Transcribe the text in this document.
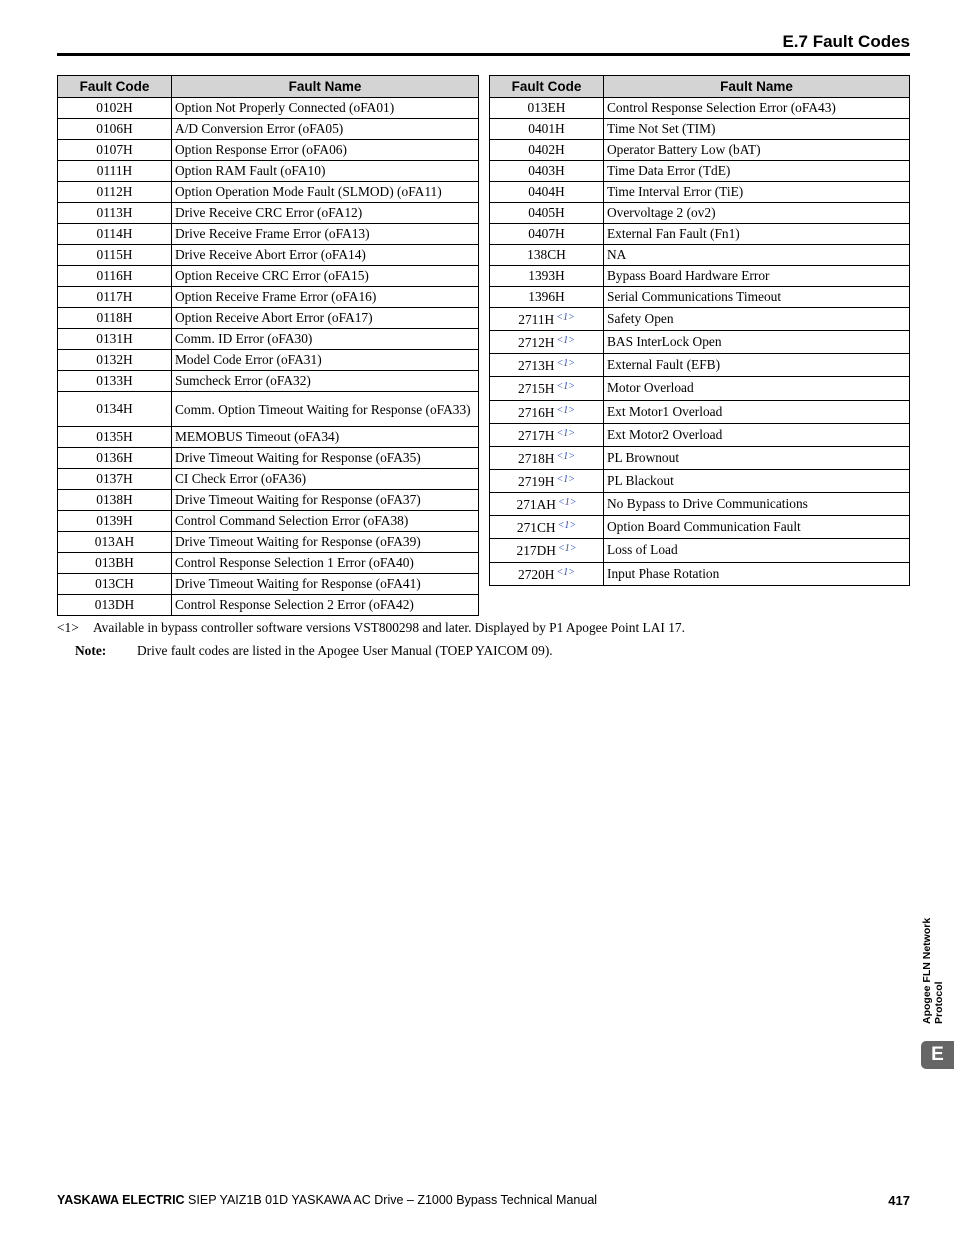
E.7 Fault Codes
Fault Code	Fault Name
0102H	Option Not Properly Connected (oFA01)
0106H	A/D Conversion Error (oFA05)
0107H	Option Response Error (oFA06)
0111H	Option RAM Fault (oFA10)
0112H	Option Operation Mode Fault (SLMOD) (oFA11)
0113H	Drive Receive CRC Error (oFA12)
0114H	Drive Receive Frame Error (oFA13)
0115H	Drive Receive Abort Error (oFA14)
0116H	Option Receive CRC Error (oFA15)
0117H	Option Receive Frame Error (oFA16)
0118H	Option Receive Abort Error (oFA17)
0131H	Comm. ID Error (oFA30)
0132H	Model Code Error (oFA31)
0133H	Sumcheck Error (oFA32)
0134H	Comm. Option Timeout Waiting for Response (oFA33)
0135H	MEMOBUS Timeout (oFA34)
0136H	Drive Timeout Waiting for Response (oFA35)
0137H	CI Check Error (oFA36)
0138H	Drive Timeout Waiting for Response (oFA37)
0139H	Control Command Selection Error (oFA38)
013AH	Drive Timeout Waiting for Response (oFA39)
013BH	Control Response Selection 1 Error (oFA40)
013CH	Drive Timeout Waiting for Response (oFA41)
013DH	Control Response Selection 2 Error (oFA42)
Fault Code	Fault Name
013EH	Control Response Selection Error (oFA43)
0401H	Time Not Set (TIM)
0402H	Operator Battery Low (bAT)
0403H	Time Data Error (TdE)
0404H	Time Interval Error (TiE)
0405H	Overvoltage 2 (ov2)
0407H	External Fan Fault (Fn1)
138CH	NA
1393H	Bypass Board Hardware Error
1396H	Serial Communications Timeout
2711H $^{<1>}$	Safety Open
2712H $^{<1>}$	BAS InterLock Open
2713H $^{<1>}$	External Fault (EFB)
2715H $^{<1>}$	Motor Overload
2716H $^{<1>}$	Ext Motor1 Overload
2717H $^{<1>}$	Ext Motor2 Overload
2718H $^{<1>}$	PL Brownout
2719H $^{<1>}$	PL Blackout
271AH $^{<1>}$	No Bypass to Drive Communications
271CH $^{<1>}$	Option Board Communication Fault
217DH $^{<1>}$	Loss of Load
2720H $^{<1>}$	Input Phase Rotation
<1> Available in bypass controller software versions VST800298 and later. Displayed by P1 Apogee Point LAI 17.
Note: Drive fault codes are listed in the Apogee User Manual (TOEP YAICOM 09).
Apogee FLN Network Protocol
E
YASKAWA ELECTRIC SIEP YAIZ1B 01D YASKAWA AC Drive – Z1000 Bypass Technical Manual	417
